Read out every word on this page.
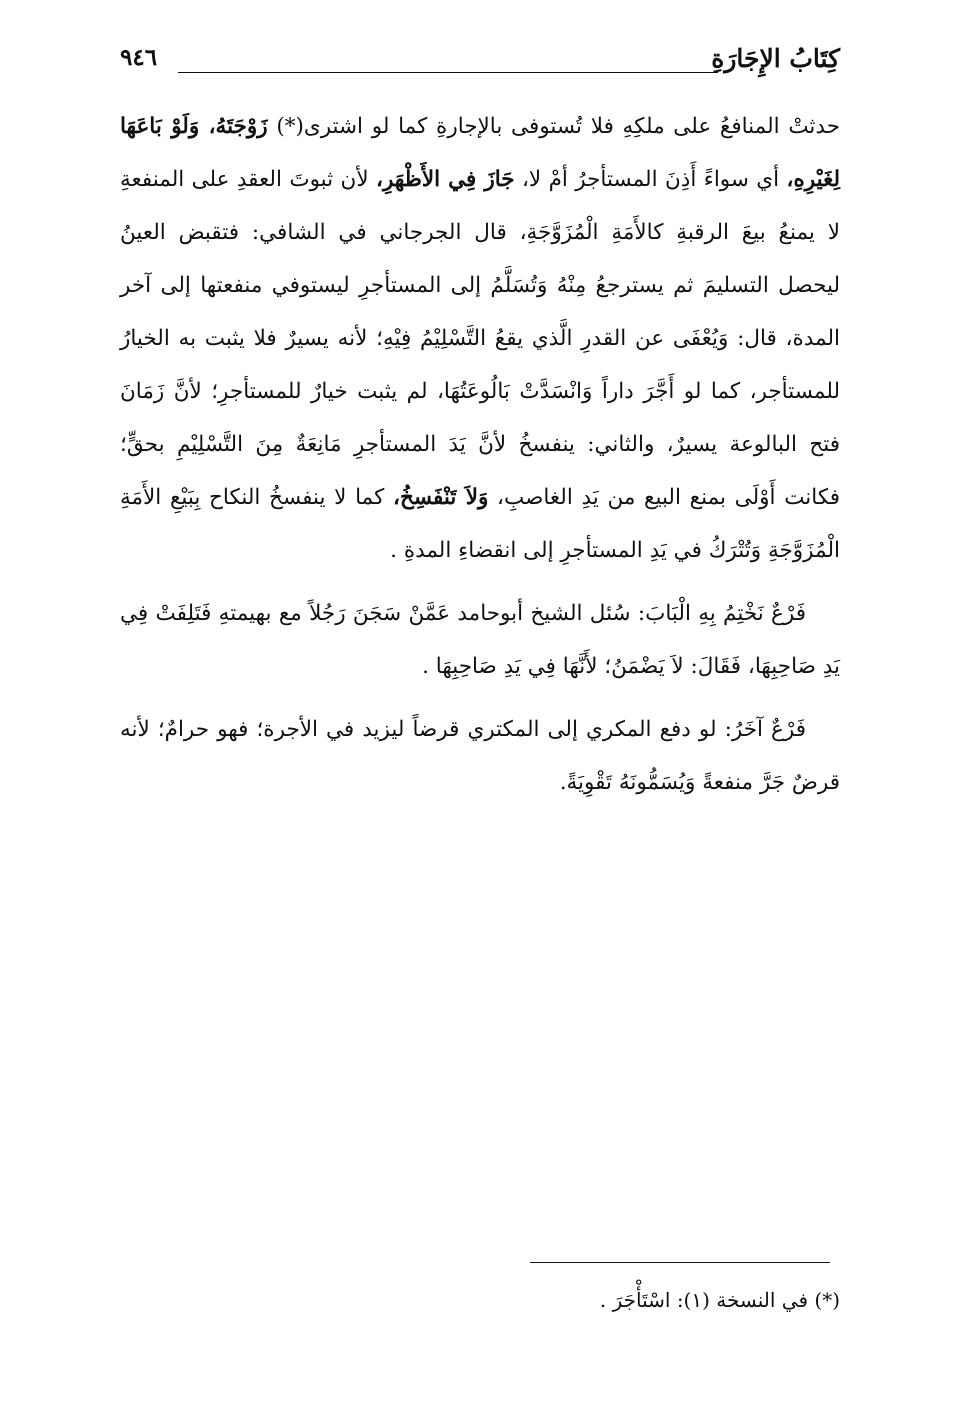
كِتَابُ الإِجَارَةِ
٩٤٦

حدثتْ المنافعُ على ملكِهِ فلا تُستوفى بالإجارةِ كما لو اشترى(*) زَوْجَتَهُ، وَلَوْ بَاعَهَا لِغَيْرِهِ، أي سواءً أَذِنَ المستأجرُ أمْ لا، جَازَ فِي الأَظْهَرِ، لأن ثبوتَ العقدِ على المنفعةِ لا يمنعُ بيعَ الرقبةِ كالأَمَةِ الْمُزَوَّجَةِ، قال الجرجاني في الشافي: فتقبض العينُ ليحصل التسليمَ ثم يسترجعُ مِنْهُ وَتُسَلَّمُ إلى المستأجرِ ليستوفي منفعتها إلى آخر المدة، قال: وَيُعْفَى عن القدرِ الَّذي يقعُ التَّسْلِيْمُ فِيْهِ؛ لأنه يسيرٌ فلا يثبت به الخيارُ للمستأجر، كما لو أَجَّرَ داراً وَانْسَدَّتْ بَالُوعَتُهَا، لم يثبت خيارٌ للمستأجرِ؛ لأنَّ زَمَانَ فتح البالوعة يسيرٌ، والثاني: ينفسخُ لأنَّ يَدَ المستأجرِ مَانِعَةٌ مِنَ التَّسْلِيْمِ بحقٍّ؛ فكانت أَوْلَى بمنع البيع من يَدِ الغاصبِ، وَلاَ تَنْفَسِخُ، كما لا ينفسخُ النكاح بِبَيْعِ الأَمَةِ الْمُزَوَّجَةِ وَتُتْرَكُ في يَدِ المستأجرِ إلى انقضاءِ المدةِ .

فَرْعٌ نَخْتِمُ بِهِ الْبَابَ: سُئل الشيخ أبوحامد عَمَّنْ سَجَنَ رَجُلاً مع بهيمتهِ فَتَلِفَتْ فِي يَدِ صَاحِبِهَا، فَقَالَ: لاَ يَضْمَنُ؛ لأَنَّهَا فِي يَدِ صَاحِبِهَا .

فَرْعٌ آخَرُ: لو دفع المكري إلى المكتري قرضاً ليزيد في الأجرة؛ فهو حرامٌ؛ لأنه قرضٌ جَرَّ منفعةً وَيُسَمُّونَهُ تَقْوِيَةً.

(*) في النسخة (١): اسْتَأْجَرَ .
